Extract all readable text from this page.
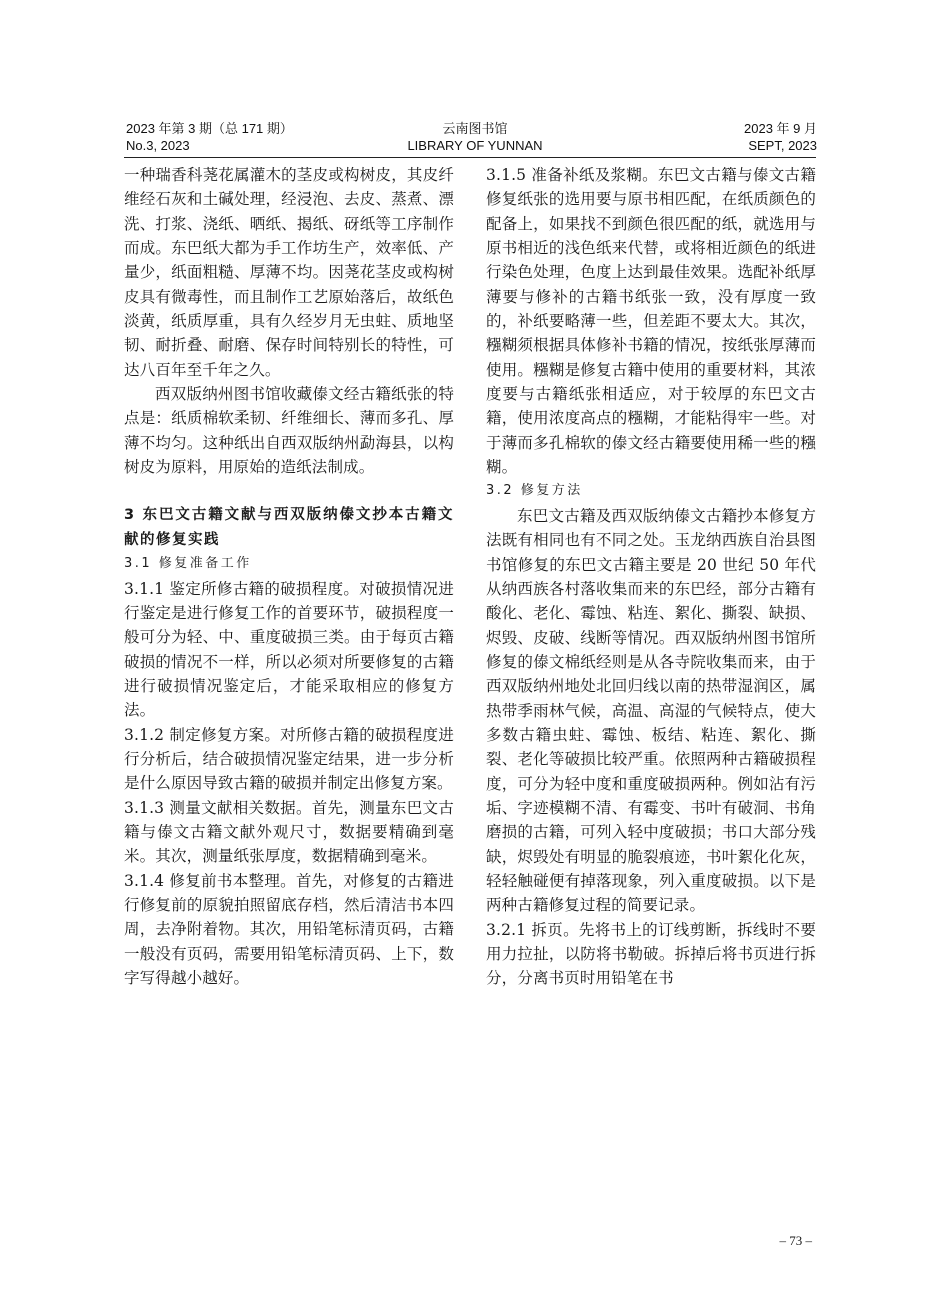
2023 年第 3 期（总 171 期）
No.3, 2023
云南图书馆
LIBRARY OF YUNNAN
2023 年 9 月
SEPT, 2023

一种瑞香科荛花属灌木的茎皮或构树皮，其皮纤维经石灰和土碱处理，经浸泡、去皮、蒸煮、漂洗、打浆、浇纸、晒纸、揭纸、砑纸等工序制作而成。东巴纸大都为手工作坊生产，效率低、产量少，纸面粗糙、厚薄不均。因荛花茎皮或构树皮具有微毒性，而且制作工艺原始落后，故纸色淡黄，纸质厚重，具有久经岁月无虫蛀、质地坚韧、耐折叠、耐磨、保存时间特别长的特性，可达八百年至千年之久。

西双版纳州图书馆收藏傣文经古籍纸张的特点是：纸质棉软柔韧、纤维细长、薄而多孔、厚薄不均匀。这种纸出自西双版纳州勐海县，以构树皮为原料，用原始的造纸法制成。

3 东巴文古籍文献与西双版纳傣文抄本古籍文献的修复实践

3.1 修复准备工作

3.1.1 鉴定所修古籍的破损程度。对破损情况进行鉴定是进行修复工作的首要环节，破损程度一般可分为轻、中、重度破损三类。由于每页古籍破损的情况不一样，所以必须对所要修复的古籍进行破损情况鉴定后，才能采取相应的修复方法。

3.1.2 制定修复方案。对所修古籍的破损程度进行分析后，结合破损情况鉴定结果，进一步分析是什么原因导致古籍的破损并制定出修复方案。

3.1.3 测量文献相关数据。首先，测量东巴文古籍与傣文古籍文献外观尺寸，数据要精确到毫米。其次，测量纸张厚度，数据精确到毫米。

3.1.4 修复前书本整理。首先，对修复的古籍进行修复前的原貌拍照留底存档，然后清洁书本四周，去净附着物。其次，用铅笔标清页码，古籍一般没有页码，需要用铅笔标清页码、上下，数字写得越小越好。

3.1.5 准备补纸及浆糊。东巴文古籍与傣文古籍修复纸张的选用要与原书相匹配，在纸质颜色的配备上，如果找不到颜色很匹配的纸，就选用与原书相近的浅色纸来代替，或将相近颜色的纸进行染色处理，色度上达到最佳效果。选配补纸厚薄要与修补的古籍书纸张一致，没有厚度一致的，补纸要略薄一些，但差距不要太大。其次，糨糊须根据具体修补书籍的情况，按纸张厚薄而使用。糨糊是修复古籍中使用的重要材料，其浓度要与古籍纸张相适应，对于较厚的东巴文古籍，使用浓度高点的糨糊，才能粘得牢一些。对于薄而多孔棉软的傣文经古籍要使用稀一些的糨糊。

3.2 修复方法

东巴文古籍及西双版纳傣文古籍抄本修复方法既有相同也有不同之处。玉龙纳西族自治县图书馆修复的东巴文古籍主要是 20 世纪 50 年代从纳西族各村落收集而来的东巴经，部分古籍有酸化、老化、霉蚀、粘连、絮化、撕裂、缺损、烬毁、皮破、线断等情况。西双版纳州图书馆所修复的傣文棉纸经则是从各寺院收集而来，由于西双版纳州地处北回归线以南的热带湿润区，属热带季雨林气候，高温、高湿的气候特点，使大多数古籍虫蛀、霉蚀、板结、粘连、絮化、撕裂、老化等破损比较严重。依照两种古籍破损程度，可分为轻中度和重度破损两种。例如沾有污垢、字迹模糊不清、有霉变、书叶有破洞、书角磨损的古籍，可列入轻中度破损；书口大部分残缺，烬毁处有明显的脆裂痕迹，书叶絮化化灰，轻轻触碰便有掉落现象，列入重度破损。以下是两种古籍修复过程的简要记录。

3.2.1 拆页。先将书上的订线剪断，拆线时不要用力拉扯，以防将书勒破。拆掉后将书页进行拆分，分离书页时用铅笔在书

– 73 –
